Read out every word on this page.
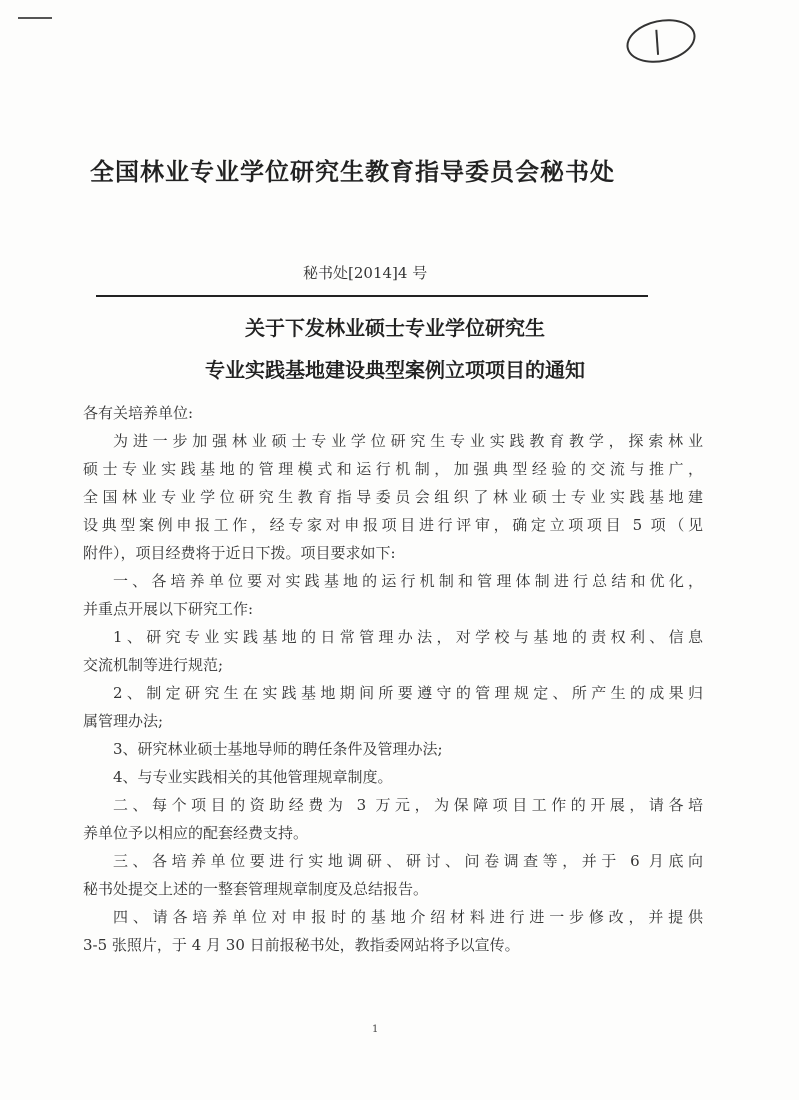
全国林业专业学位研究生教育指导委员会秘书处
秘书处[2014]4 号
关于下发林业硕士专业学位研究生
专业实践基地建设典型案例立项项目的通知
各有关培养单位:
为进一步加强林业硕士专业学位研究生专业实践教育教学，探索林业
硕士专业实践基地的管理模式和运行机制，加强典型经验的交流与推广，
全国林业专业学位研究生教育指导委员会组织了林业硕士专业实践基地建
设典型案例申报工作，经专家对申报项目进行评审，确定立项项目 5 项（见
附件），项目经费将于近日下拨。项目要求如下:
一、各培养单位要对实践基地的运行机制和管理体制进行总结和优化，
并重点开展以下研究工作:
1、研究专业实践基地的日常管理办法，对学校与基地的责权利、信息
交流机制等进行规范;
2、制定研究生在实践基地期间所要遵守的管理规定、所产生的成果归
属管理办法;
3、研究林业硕士基地导师的聘任条件及管理办法;
4、与专业实践相关的其他管理规章制度。
二、每个项目的资助经费为 3 万元，为保障项目工作的开展，请各培
养单位予以相应的配套经费支持。
三、各培养单位要进行实地调研、研讨、问卷调查等，并于 6 月底向
秘书处提交上述的一整套管理规章制度及总结报告。
四、请各培养单位对申报时的基地介绍材料进行进一步修改，并提供
3-5 张照片，于 4 月 30 日前报秘书处，教指委网站将予以宣传。
1
